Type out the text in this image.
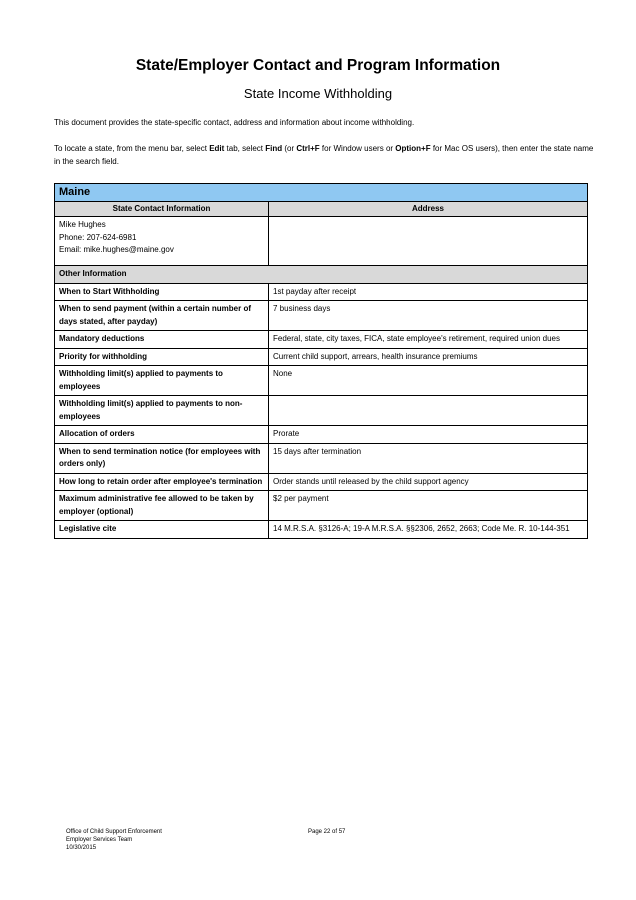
State/Employer Contact and Program Information
State Income Withholding
This document provides the state-specific contact, address and information about income withholding.
To locate a state, from the menu bar, select Edit tab, select Find (or Ctrl+F for Window users or Option+F for Mac OS users), then enter the state name in the search field.
Maine	
State Contact Information	Address

Mike Hughes
Phone: 207-624-6981
Email: mike.hughes@maine.gov	

Other Information	
When to Start Withholding	1st payday after receipt
When to send payment (within a certain number of days stated, after payday)	7 business days
Mandatory deductions	Federal, state, city taxes, FICA, state employee's retirement, required union dues
Priority for withholding	Current child support, arrears, health insurance premiums
Withholding limit(s) applied to payments to employees	None
Withholding limit(s) applied to payments to non-employees	
Allocation of orders	Prorate
When to send termination notice (for employees with orders only)	15 days after termination
How long to retain order after employee's termination	Order stands until released by the child support agency
Maximum administrative fee allowed to be taken by employer (optional)	$2 per payment
Legislative cite	14 M.R.S.A. §3126-A; 19-A M.R.S.A. §§2306, 2652, 2663; Code Me. R. 10-144-351
Office of Child Support Enforcement
Employer Services Team
10/30/2015
Page 22 of 57
